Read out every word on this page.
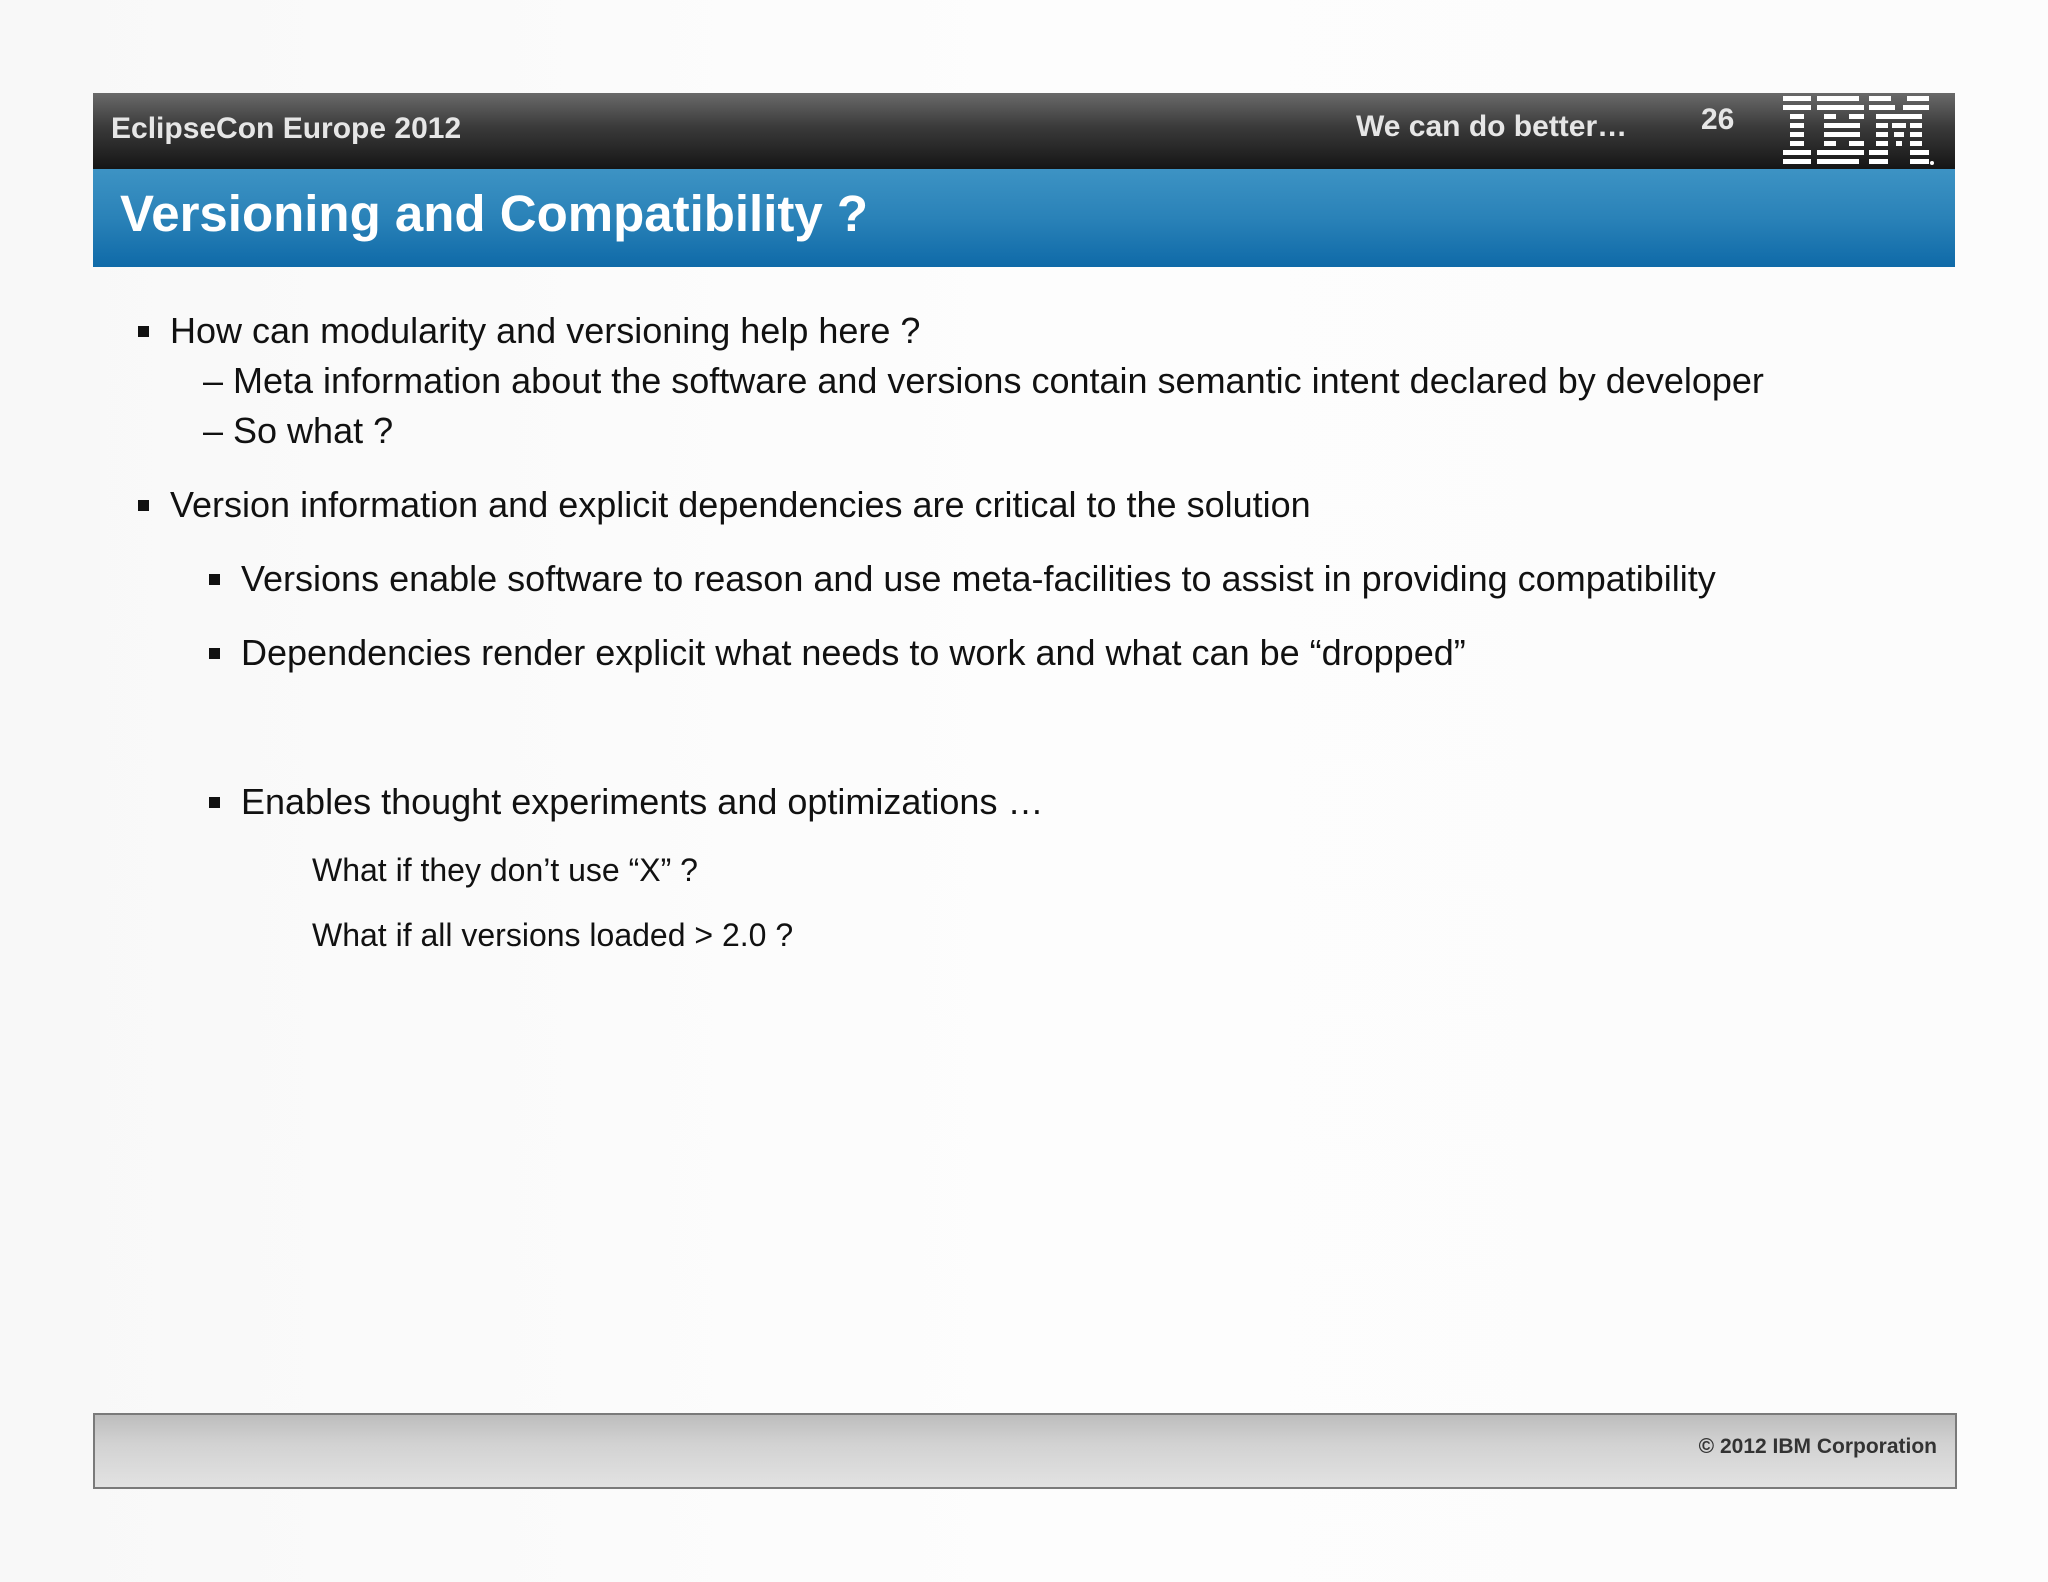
EclipseCon Europe 2012	We can do better… 26
Versioning and Compatibility ?
How can modularity and versioning help here ?
– Meta information about the software and versions contain semantic intent declared by developer
– So what ?
Version information and explicit dependencies are critical to the solution
Versions enable software to reason and use meta-facilities to assist in providing compatibility
Dependencies render explicit what needs to work and what can be “dropped”
Enables thought experiments and optimizations …
What if they don’t use “X” ?
What if all versions loaded > 2.0 ?
© 2012 IBM Corporation
